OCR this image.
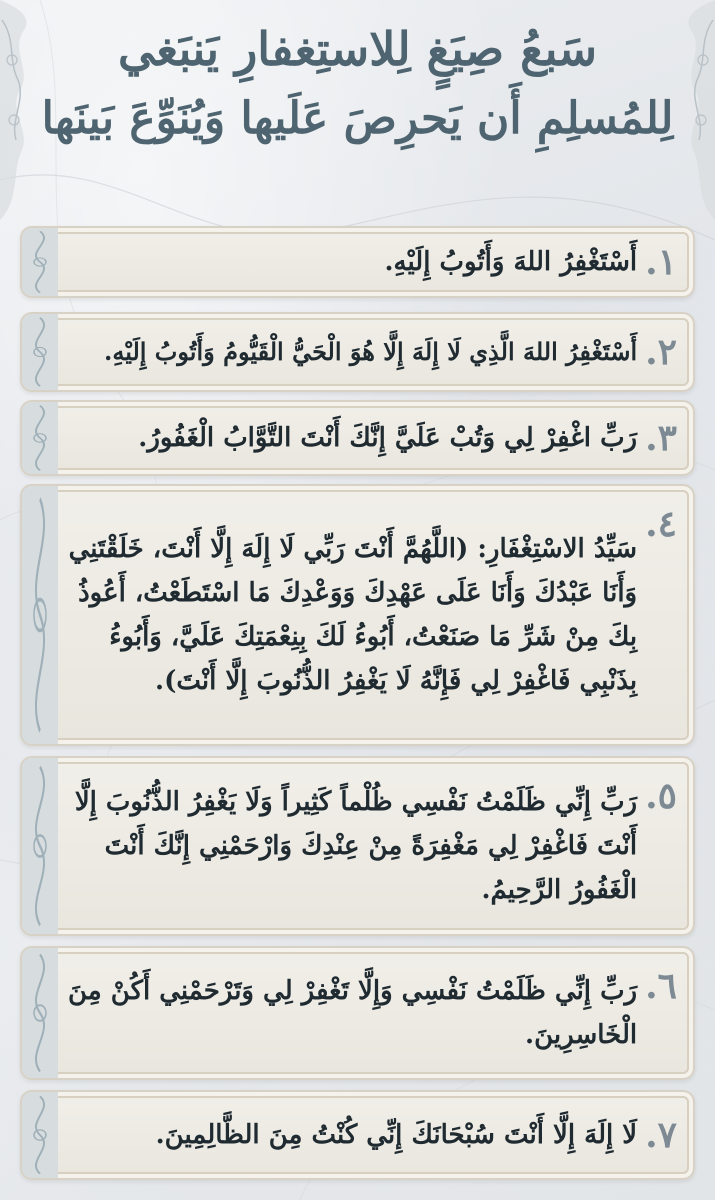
سَبعُ صِيَغٍ لِلاستِغفارِ يَنبَغي
لِلمُسلِمِ أَن يَحرِصَ عَلَيها وَيُنَوِّعَ بَينَها
١.
أَسْتَغْفِرُ اللهَ وَأَتُوبُ إِلَيْهِ.
٢.
أَسْتَغْفِرُ اللهَ الَّذِي لَا إِلَهَ إِلَّا هُوَ الْحَيُّ الْقَيُّومُ وَأَتُوبُ إِلَيْهِ.
٣.
رَبِّ اغْفِرْ لِي وَتُبْ عَلَيَّ إِنَّكَ أَنْتَ التَّوَّابُ الْغَفُورُ.
٤.
سَيِّدُ الاسْتِغْفَارِ: (اللَّهُمَّ أَنْتَ رَبِّي لَا إِلَهَ إِلَّا أَنْتَ، خَلَقْتَنِي وَأَنَا عَبْدُكَ وَأَنَا عَلَى عَهْدِكَ وَوَعْدِكَ مَا اسْتَطَعْتُ، أَعُوذُ بِكَ مِنْ شَرِّ مَا صَنَعْتُ، أَبُوءُ لَكَ بِنِعْمَتِكَ عَلَيَّ، وَأَبُوءُ بِذَنْبِي فَاغْفِرْ لِي فَإِنَّهُ لَا يَغْفِرُ الذُّنُوبَ إِلَّا أَنْتَ).
٥.
رَبِّ إِنِّي ظَلَمْتُ نَفْسِي ظُلْماً كَثِيراً وَلَا يَغْفِرُ الذُّنُوبَ إِلَّا أَنْتَ فَاغْفِرْ لِي مَغْفِرَةً مِنْ عِنْدِكَ وَارْحَمْنِي إِنَّكَ أَنْتَ الْغَفُورُ الرَّحِيمُ.
٦.
رَبِّ إِنِّي ظَلَمْتُ نَفْسِي وَإِلَّا تَغْفِرْ لِي وَتَرْحَمْنِي أَكُنْ مِنَ الْخَاسِرِينَ.
٧.
لَا إِلَهَ إِلَّا أَنْتَ سُبْحَانَكَ إِنِّي كُنْتُ مِنَ الظَّالِمِينَ.
